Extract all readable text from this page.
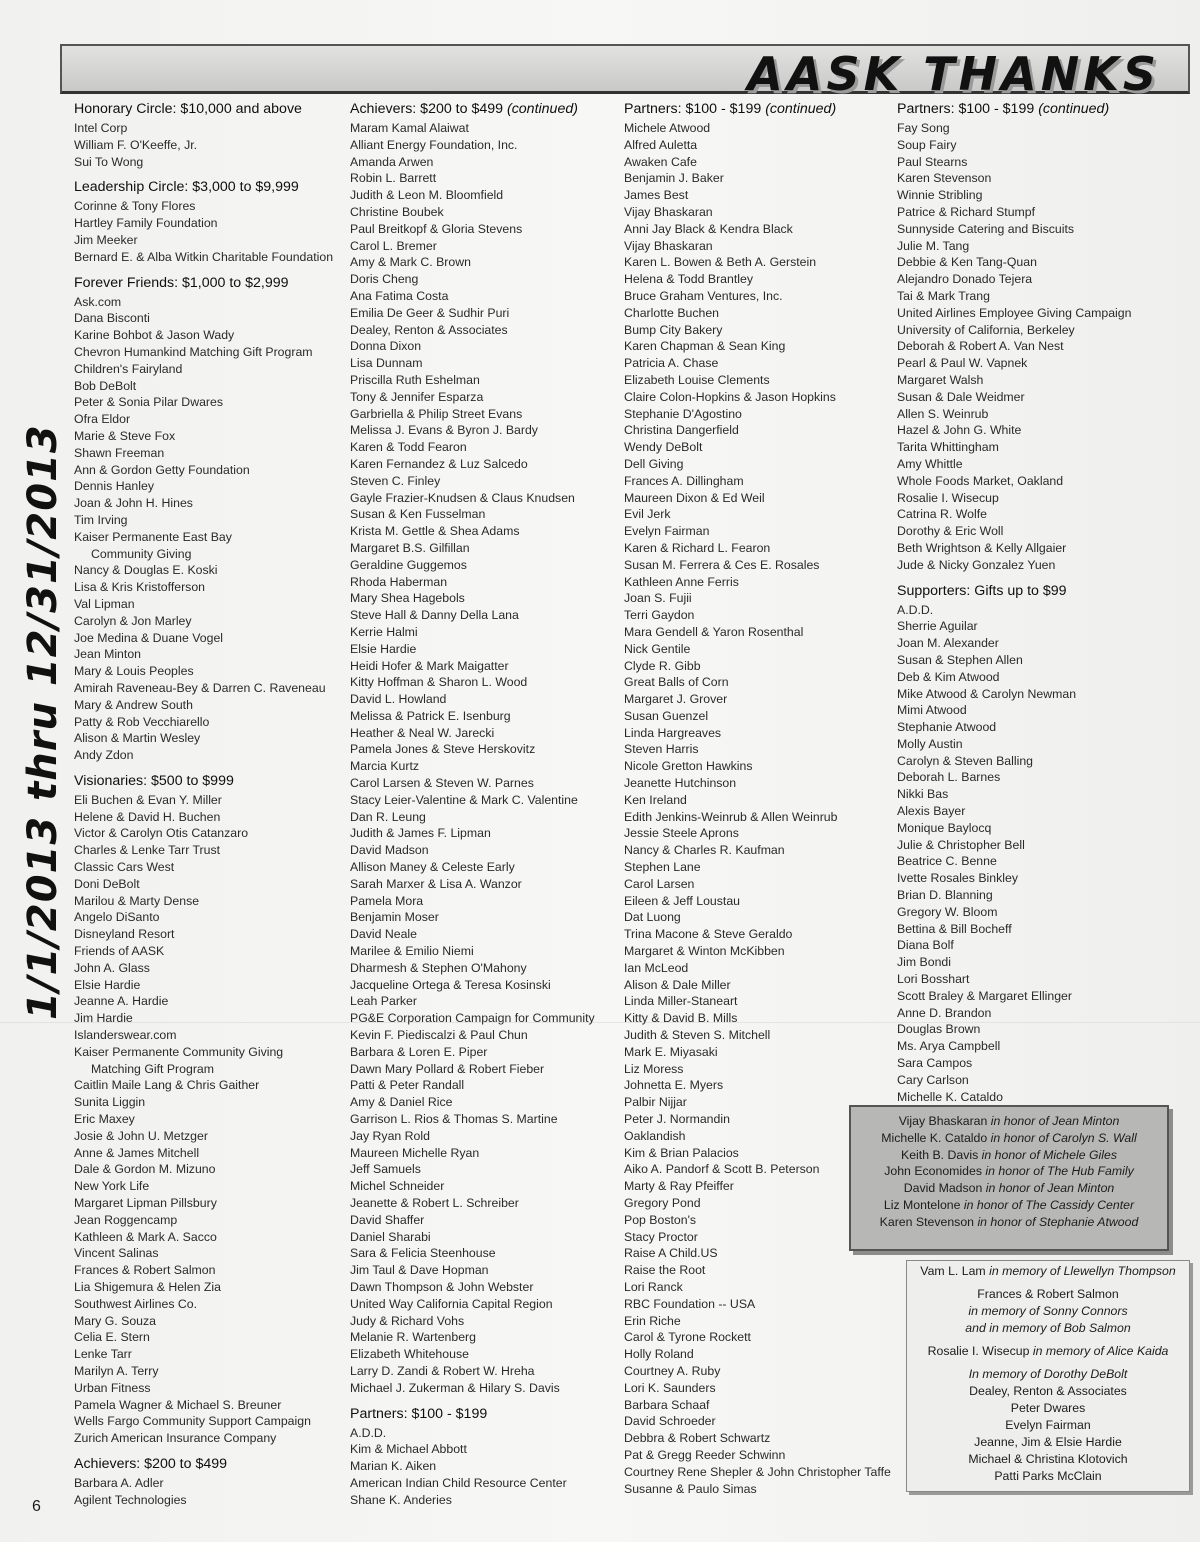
AASK THANKS
1/1/2013 thru 12/31/2013
Honorary Circle: $10,000 and above
Intel Corp
William F. O'Keeffe, Jr.
Sui To Wong
Leadership Circle: $3,000 to $9,999
Corinne & Tony Flores
Hartley Family Foundation
Jim Meeker
Bernard E. & Alba Witkin Charitable Foundation
Forever Friends: $1,000 to $2,999
Ask.com
Dana Bisconti
Karine Bohbot & Jason Wady
Chevron Humankind Matching Gift Program
Children's Fairyland
Bob DeBolt
Peter & Sonia Pilar Dwares
Ofra Eldor
Marie & Steve Fox
Shawn Freeman
Ann & Gordon Getty Foundation
Dennis Hanley
Joan & John H. Hines
Tim Irving
Kaiser Permanente East Bay
Community Giving
Nancy & Douglas E. Koski
Lisa & Kris Kristofferson
Val Lipman
Carolyn & Jon Marley
Joe Medina & Duane Vogel
Jean Minton
Mary & Louis Peoples
Amirah Raveneau-Bey & Darren C. Raveneau
Mary & Andrew South
Patty & Rob Vecchiarello
Alison & Martin Wesley
Andy Zdon
Visionaries: $500 to $999
Eli Buchen & Evan Y. Miller
Helene & David H. Buchen
Victor & Carolyn Otis Catanzaro
Charles & Lenke Tarr Trust
Classic Cars West
Doni DeBolt
Marilou & Marty Dense
Angelo DiSanto
Disneyland Resort
Friends of AASK
John A. Glass
Elsie Hardie
Jeanne A. Hardie
Jim Hardie
Islanderswear.com
Kaiser Permanente Community Giving
Matching Gift Program
Caitlin Maile Lang & Chris Gaither
Sunita Liggin
Eric Maxey
Josie & John U. Metzger
Anne & James Mitchell
Dale & Gordon M. Mizuno
New York Life
Margaret Lipman Pillsbury
Jean Roggencamp
Kathleen & Mark A. Sacco
Vincent Salinas
Frances & Robert Salmon
Lia Shigemura & Helen Zia
Southwest Airlines Co.
Mary G. Souza
Celia E. Stern
Lenke Tarr
Marilyn A. Terry
Urban Fitness
Pamela Wagner & Michael S. Breuner
Wells Fargo Community Support Campaign
Zurich American Insurance Company
Achievers: $200 to $499
Barbara A. Adler
Agilent Technologies
Achievers: $200 to $499 (continued)
Maram Kamal Alaiwat
Alliant Energy Foundation, Inc.
Amanda Arwen
Robin L. Barrett
Judith & Leon M. Bloomfield
Christine Boubek
Paul Breitkopf & Gloria Stevens
Carol L. Bremer
Amy & Mark C. Brown
Doris Cheng
Ana Fatima Costa
Emilia De Geer & Sudhir Puri
Dealey, Renton & Associates
Donna Dixon
Lisa Dunnam
Priscilla Ruth Eshelman
Tony & Jennifer Esparza
Garbriella & Philip Street Evans
Melissa J. Evans & Byron J. Bardy
Karen & Todd Fearon
Karen Fernandez & Luz Salcedo
Steven C. Finley
Gayle Frazier-Knudsen & Claus Knudsen
Susan & Ken Fusselman
Krista M. Gettle & Shea Adams
Margaret B.S. Gilfillan
Geraldine Guggemos
Rhoda Haberman
Mary Shea Hagebols
Steve Hall & Danny Della Lana
Kerrie Halmi
Elsie Hardie
Heidi Hofer & Mark Maigatter
Kitty Hoffman & Sharon L. Wood
David L. Howland
Melissa & Patrick E. Isenburg
Heather & Neal W. Jarecki
Pamela Jones & Steve Herskovitz
Marcia Kurtz
Carol Larsen & Steven W. Parnes
Stacy Leier-Valentine & Mark C. Valentine
Dan R. Leung
Judith & James F. Lipman
David Madson
Allison Maney & Celeste Early
Sarah Marxer & Lisa A. Wanzor
Pamela Mora
Benjamin Moser
David Neale
Marilee & Emilio Niemi
Dharmesh & Stephen O'Mahony
Jacqueline Ortega & Teresa Kosinski
Leah Parker
PG&E Corporation Campaign for Community
Kevin F. Piediscalzi & Paul Chun
Barbara & Loren E. Piper
Dawn Mary Pollard & Robert Fieber
Patti & Peter Randall
Amy & Daniel Rice
Garrison L. Rios & Thomas S. Martine
Jay Ryan Rold
Maureen Michelle Ryan
Jeff Samuels
Michel Schneider
Jeanette & Robert L. Schreiber
David Shaffer
Daniel Sharabi
Sara & Felicia Steenhouse
Jim Taul & Dave Hopman
Dawn Thompson & John Webster
United Way California Capital Region
Judy & Richard Vohs
Melanie R. Wartenberg
Elizabeth Whitehouse
Larry D. Zandi & Robert W. Hreha
Michael J. Zukerman & Hilary S. Davis
Partners: $100 - $199
A.D.D.
Kim & Michael Abbott
Marian K. Aiken
American Indian Child Resource Center
Shane K. Anderies
Partners: $100 - $199 (continued)
Michele Atwood
Alfred Auletta
Awaken Cafe
Benjamin J. Baker
James Best
Vijay Bhaskaran
Anni Jay Black & Kendra Black
Vijay Bhaskaran
Karen L. Bowen & Beth A. Gerstein
Helena & Todd Brantley
Bruce Graham Ventures, Inc.
Charlotte Buchen
Bump City Bakery
Karen Chapman & Sean King
Patricia A. Chase
Elizabeth Louise Clements
Claire Colon-Hopkins & Jason Hopkins
Stephanie D'Agostino
Christina Dangerfield
Wendy DeBolt
Dell Giving
Frances A. Dillingham
Maureen Dixon & Ed Weil
Evil Jerk
Evelyn Fairman
Karen & Richard L. Fearon
Susan M. Ferrera & Ces E. Rosales
Kathleen Anne Ferris
Joan S. Fujii
Terri Gaydon
Mara Gendell & Yaron Rosenthal
Nick Gentile
Clyde R. Gibb
Great Balls of Corn
Margaret J. Grover
Susan Guenzel
Linda Hargreaves
Steven Harris
Nicole Gretton Hawkins
Jeanette Hutchinson
Ken Ireland
Edith Jenkins-Weinrub & Allen Weinrub
Jessie Steele Aprons
Nancy & Charles R. Kaufman
Stephen Lane
Carol Larsen
Eileen & Jeff Loustau
Dat Luong
Trina Macone & Steve Geraldo
Margaret & Winton McKibben
Ian McLeod
Alison & Dale Miller
Linda Miller-Staneart
Kitty & David B. Mills
Judith & Steven S. Mitchell
Mark E. Miyasaki
Liz Moress
Johnetta E. Myers
Palbir Nijjar
Peter J. Normandin
Oaklandish
Kim & Brian Palacios
Aiko A. Pandorf & Scott B. Peterson
Marty & Ray Pfeiffer
Gregory Pond
Pop Boston's
Stacy Proctor
Raise A Child.US
Raise the Root
Lori Ranck
RBC Foundation -- USA
Erin Riche
Carol & Tyrone Rockett
Holly Roland
Courtney A. Ruby
Lori K. Saunders
Barbara Schaaf
David Schroeder
Debbra & Robert Schwartz
Pat & Gregg Reeder Schwinn
Courtney Rene Shepler & John Christopher Taffe
Susanne & Paulo Simas
Partners: $100 - $199 (continued)
Fay Song
Soup Fairy
Paul Stearns
Karen Stevenson
Winnie Stribling
Patrice & Richard Stumpf
Sunnyside Catering and Biscuits
Julie M. Tang
Debbie & Ken Tang-Quan
Alejandro Donado Tejera
Tai & Mark Trang
United Airlines Employee Giving Campaign
University of California, Berkeley
Deborah & Robert A. Van Nest
Pearl & Paul W. Vapnek
Margaret Walsh
Susan & Dale Weidmer
Allen S. Weinrub
Hazel & John G. White
Tarita Whittingham
Amy Whittle
Whole Foods Market, Oakland
Rosalie I. Wisecup
Catrina R. Wolfe
Dorothy & Eric Woll
Beth Wrightson & Kelly Allgaier
Jude & Nicky Gonzalez Yuen
Supporters: Gifts up to $99
A.D.D.
Sherrie Aguilar
Joan M. Alexander
Susan & Stephen Allen
Deb & Kim Atwood
Mike Atwood & Carolyn Newman
Mimi Atwood
Stephanie Atwood
Molly Austin
Carolyn & Steven Balling
Deborah L. Barnes
Nikki Bas
Alexis Bayer
Monique Baylocq
Julie & Christopher Bell
Beatrice C. Benne
Ivette Rosales Binkley
Brian D. Blanning
Gregory W. Bloom
Bettina & Bill Bocheff
Diana Bolf
Jim Bondi
Lori Bosshart
Scott Braley & Margaret Ellinger
Anne D. Brandon
Douglas Brown
Ms. Arya Campbell
Sara Campos
Cary Carlson
Michelle K. Cataldo
Vijay Bhaskaran in honor of Jean Minton
Michelle K. Cataldo in honor of Carolyn S. Wall
Keith B. Davis in honor of Michele Giles
John Economides in honor of The Hub Family
David Madson in honor of Jean Minton
Liz Montelone in honor of The Cassidy Center
Karen Stevenson in honor of Stephanie Atwood
Vam L. Lam in memory of Llewellyn Thompson
Frances & Robert Salmon
in memory of Sonny Connors
and in memory of Bob Salmon
Rosalie I. Wisecup in memory of Alice Kaida
In memory of Dorothy DeBolt
Dealey, Renton & Associates
Peter Dwares
Evelyn Fairman
Jeanne, Jim & Elsie Hardie
Michael & Christina Klotovich
Patti Parks McClain
6
